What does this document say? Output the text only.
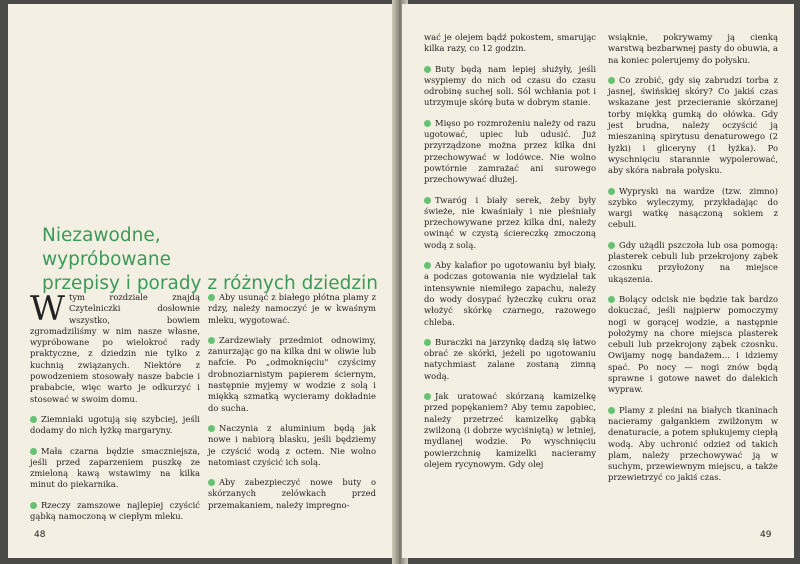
Niezawodne,
wypróbowane
przepisy i porady z różnych dziedzin

Wtym rozdziale znajdą Czytelniczki dosłownie wszystko, bowiem zgromadziliśmy w nim nasze własne, wypróbowane po wielokroć rady praktyczne, z dziedzin nie tylko z kuchnią związanych. Niektóre z powodzeniem stosowały nasze babcie i prababcie, więc warto je odkurzyć i stosować w swoim domu.

Ziemniaki ugotują się szybciej, jeśli dodamy do nich łyżkę margaryny.

Mała czarna będzie smaczniejsza, jeśli przed zaparzeniem puszkę ze zmieloną kawą wstawimy na kilka minut do piekarnika.

Rzeczy zamszowe najlepiej czyścić gąbką namoczoną w ciepłym mleku.

Aby usunąć z białego płótna plamy z rdzy, należy namoczyć je w kwaśnym mleku, wygotować.

Zardzewiały przedmiot odnowimy, zanurzając go na kilka dni w oliwie lub nafcie. Po „odmoknięciu" czyścimy drobnoziarnistym papierem ściernym, następnie myjemy w wodzie z solą i miękką szmatką wycieramy dokładnie do sucha.

Naczynia z aluminium będą jak nowe i nabiorą blasku, jeśli będziemy je czyścić wodą z octem. Nie wolno natomiast czyścić ich solą.

Aby zabezpieczyć nowe buty o skórzanych zelówkach przed przemakaniem, należy impregno-

48

wać je olejem bądź pokostem, smarując kilka razy, co 12 godzin.

Buty będą nam lepiej służyły, jeśli wsypiemy do nich od czasu do czasu odrobinę suchej soli. Sól wchłania pot i utrzymuje skórę buta w dobrym stanie.

Mięso po rozmrożeniu należy od razu ugotować, upiec lub udusić. Już przyrządzone można przez kilka dni przechowywać w lodówce. Nie wolno powtórnie zamrażać ani surowego przechowywać dłużej.

Twaróg i biały serek, żeby były świeże, nie kwaśniały i nie pleśniały przechowywane przez kilka dni, należy owinąć w czystą ściereczkę zmoczoną wodą z solą.

Aby kalafior po ugotowaniu był biały, a podczas gotowania nie wydzielał tak intensywnie niemiłego zapachu, należy do wody dosypać łyżeczkę cukru oraz włożyć skórkę czarnego, razowego chleba.

Buraczki na jarzynkę dadzą się łatwo obrać ze skórki, jeżeli po ugotowaniu natychmiast zalane zostaną zimną wodą.

Jak uratować skórzaną kamizelkę przed popękaniem? Aby temu zapobiec, należy przetrzeć kamizelkę gąbką zwilżoną (i dobrze wyciśniętą) w letniej, mydlanej wodzie. Po wyschnięciu powierzchnię kamizelki nacieramy olejem rycynowym. Gdy olej

wsiąknie, pokrywamy ją cienką warstwą bezbarwnej pasty do obuwia, a na koniec polerujemy do połysku.

Co zrobić, gdy się zabrudzi torba z jasnej, świńskiej skóry? Co jakiś czas wskazane jest przecieranie skórzanej torby miękką gumką do ołówka. Gdy jest brudna, należy oczyścić ją mieszaniną spirytusu denaturowego (2 łyżki) i gliceryny (1 łyżka). Po wyschnięciu starannie wypolerować, aby skóra nabrała połysku.

Wypryski na wardze (tzw. zimno) szybko wyleczymy, przykładając do wargi watkę nasączoną sokiem z cebuli.

Gdy użądli pszczoła lub osa pomogą: plasterek cebuli lub przekrojony ząbek czosnku przyłożony na miejsce ukąszenia.

Bolący odcisk nie będzie tak bardzo dokuczać, jeśli najpierw pomoczymy nogi w gorącej wodzie, a następnie położymy na chore miejsca plasterek cebuli lub przekrojony ząbek czosnku. Owijamy nogę bandażem... i idziemy spać. Po nocy — nogi znów będą sprawne i gotowe nawet do dalekich wypraw.

Plamy z pleśni na białych tkaninach nacieramy gałgankiem zwilżonym w denaturacie, a potem spłukujemy ciepłą wodą. Aby uchronić odzież od takich plam, należy przechowywać ją w suchym, przewiewnym miejscu, a także przewietrzyć co jakiś czas.

49
